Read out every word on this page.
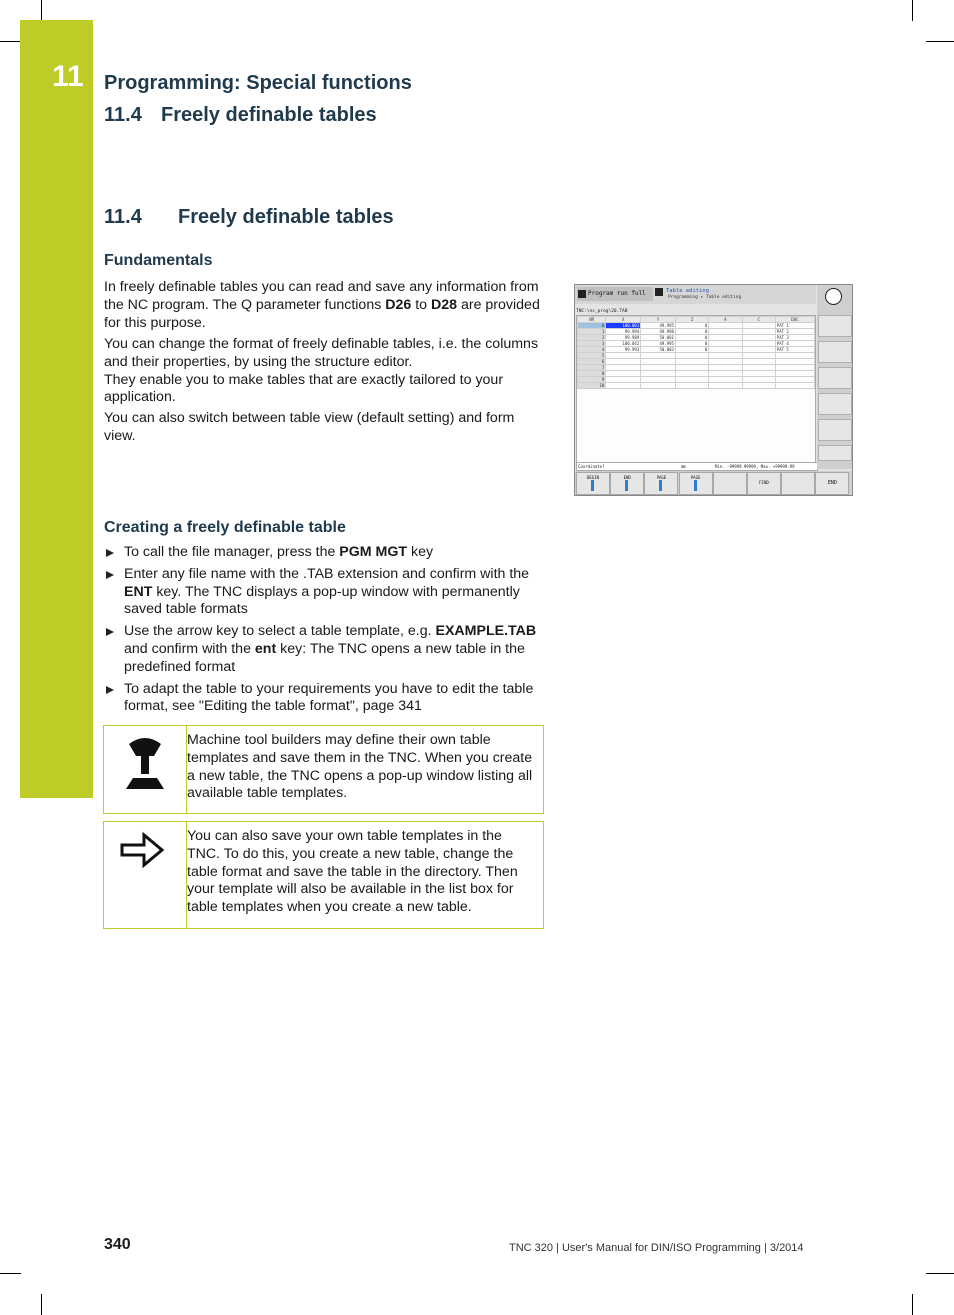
11 Programming: Special functions
11.4 Freely definable tables
11.4 Freely definable tables
Fundamentals
In freely definable tables you can read and save any information from the NC program. The Q parameter functions D26 to D28 are provided for this purpose.
You can change the format of freely definable tables, i.e. the columns and their properties, by using the structure editor.
They enable you to make tables that are exactly tailored to your application.
You can also switch between table view (default setting) and form view.
Program run full	Table editing
Programming ▸ Table editing
TNC:\nc_prog\20.TAB
NR	X	Y	Z	A	C	DOC
0	100.001	49.995	0			PAT 1
1	99.994	49.998	0			PAT 2
2	99.989	50.001	0			PAT 3
3	100.042	49.995	0			PAT 4
4	99.993	50.003	0			PAT 5
5						
6						
7						
8						
9						
10						
Coordinate?	mm	Min. -99999.99999, Max. +99999.99
BEGIN	END	PAGE	PAGE
FIND	END
Creating a freely definable table
To call the file manager, press the PGM MGT key
Enter any file name with the .TAB extension and confirm with the ENT key. The TNC displays a pop-up window with permanently saved table formats
Use the arrow key to select a table template, e.g. EXAMPLE.TAB and confirm with the ent key: The TNC opens a new table in the predefined format
To adapt the table to your requirements you have to edit the table format, see "Editing the table format", page 341
Machine tool builders may define their own table templates and save them in the TNC. When you create a new table, the TNC opens a pop-up window listing all available table templates.
You can also save your own table templates in the TNC. To do this, you create a new table, change the table format and save the table in the directory. Then your template will also be available in the list box for table templates when you create a new table.
340	TNC 320 | User's Manual for DIN/ISO Programming | 3/2014
